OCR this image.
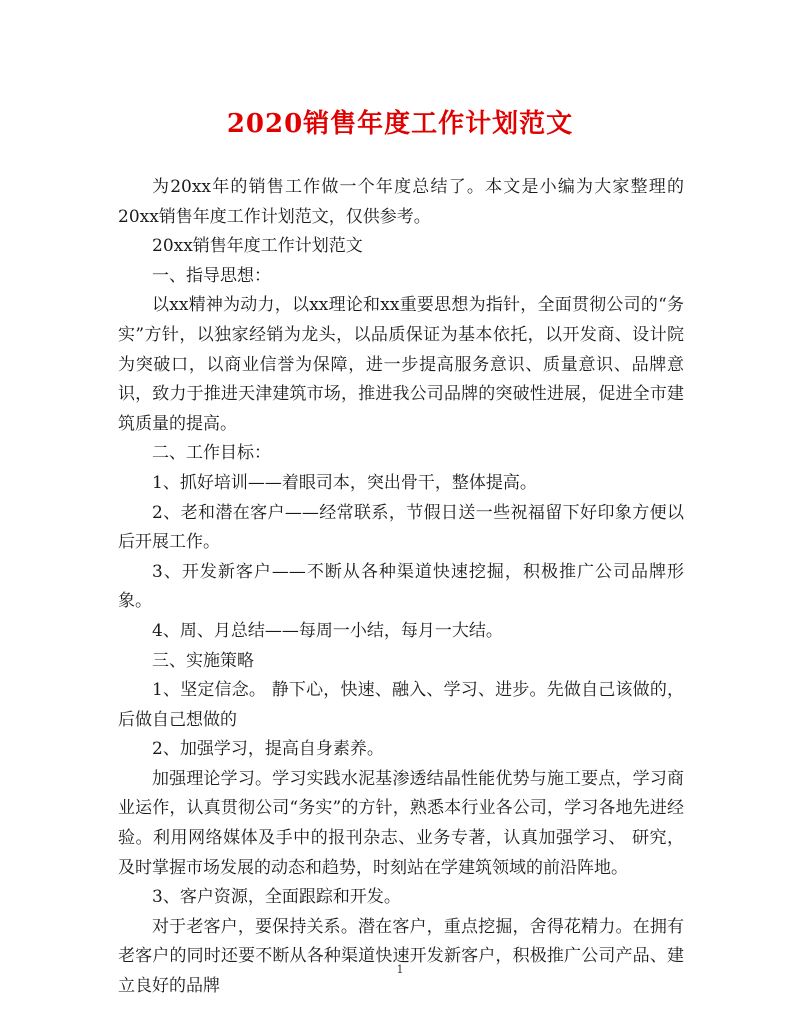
2020销售年度工作计划范文

为20xx年的销售工作做一个年度总结了。本文是小编为大家整理的20xx销售年度工作计划范文，仅供参考。

20xx销售年度工作计划范文

一、指导思想：

以xx精神为动力，以xx理论和xx重要思想为指针，全面贯彻公司的“务实”方针，以独家经销为龙头，以品质保证为基本依托，以开发商、设计院为突破口，以商业信誉为保障，进一步提高服务意识、质量意识、品牌意识，致力于推进天津建筑市场，推进我公司品牌的突破性进展，促进全市建筑质量的提高。

二、工作目标：

1、抓好培训——着眼司本，突出骨干，整体提高。

2、老和潜在客户——经常联系，节假日送一些祝福留下好印象方便以后开展工作。

3、开发新客户——不断从各种渠道快速挖掘，积极推广公司品牌形象。

4、周、月总结——每周一小结，每月一大结。

三、实施策略

1、坚定信念。 静下心，快速、融入、学习、进步。先做自己该做的，后做自己想做的

2、加强学习，提高自身素养。

加强理论学习。学习实践水泥基渗透结晶性能优势与施工要点，学习商业运作，认真贯彻公司“务实”的方针，熟悉本行业各公司，学习各地先进经验。利用网络媒体及手中的报刊杂志、业务专著，认真加强学习、 研究，及时掌握市场发展的动态和趋势，时刻站在学建筑领域的前沿阵地。

3、客户资源，全面跟踪和开发。

对于老客户，要保持关系。潜在客户，重点挖掘，舍得花精力。在拥有老客户的同时还要不断从各种渠道快速开发新客户，积极推广公司产品、建立良好的品牌

1
